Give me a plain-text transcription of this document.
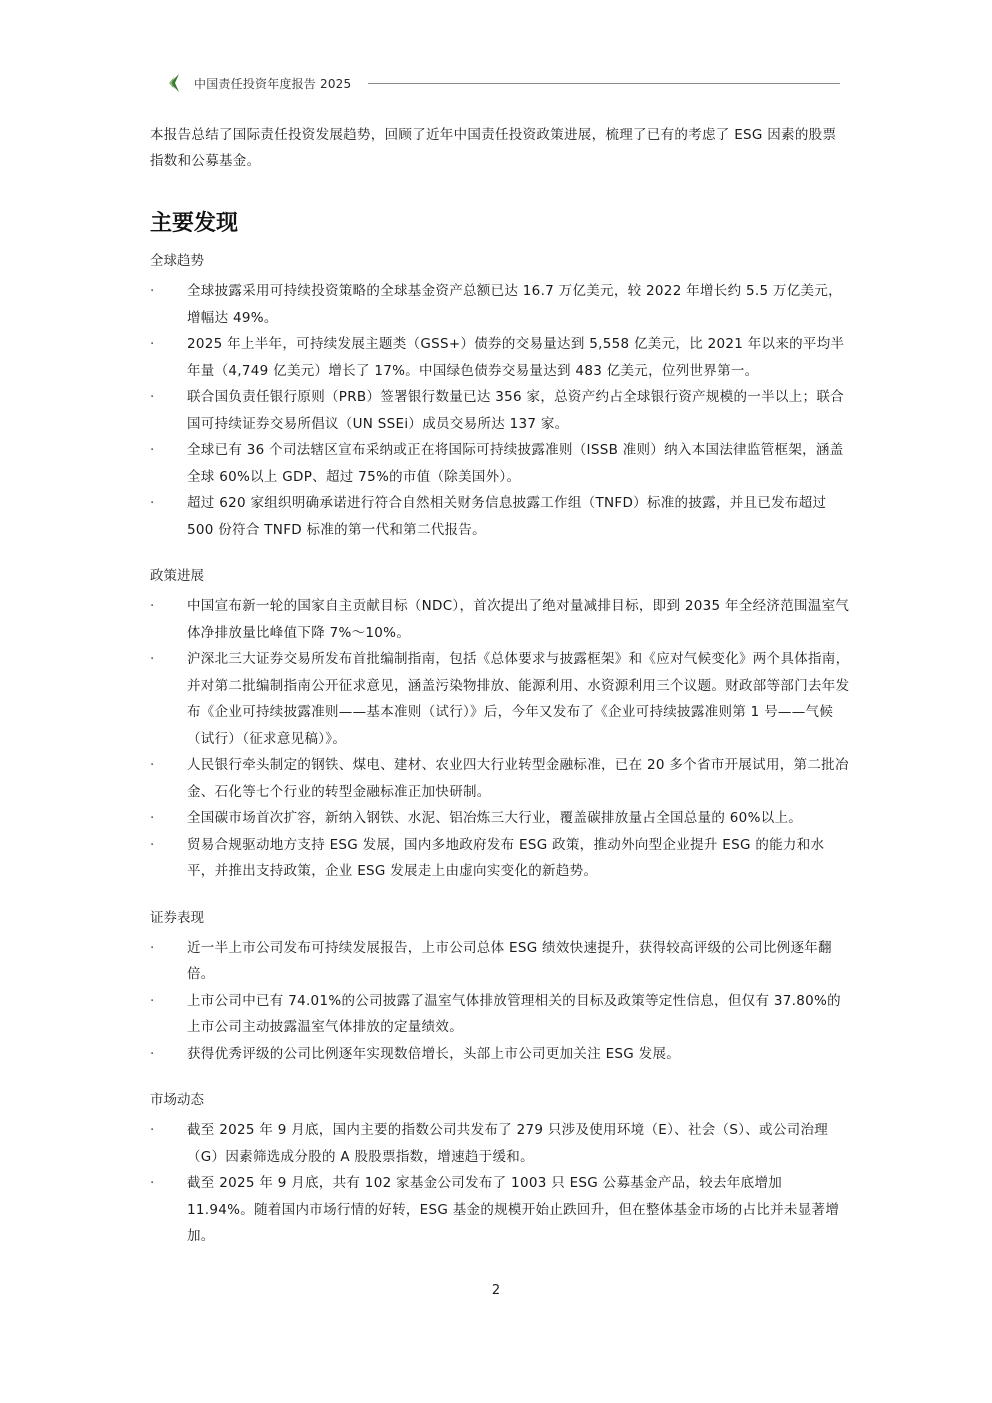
中国责任投资年度报告 2025

本报告总结了国际责任投资发展趋势，回顾了近年中国责任投资政策进展，梳理了已有的考虑了 ESG 因素的股票指数和公募基金。

主要发现
全球趋势
· 全球披露采用可持续投资策略的全球基金资产总额已达 16.7 万亿美元，较 2022 年增长约 5.5 万亿美元，增幅达 49%。
· 2025 年上半年，可持续发展主题类（GSS+）债券的交易量达到 5,558 亿美元，比 2021 年以来的平均半年量（4,749 亿美元）增长了 17%。中国绿色债券交易量达到 483 亿美元，位列世界第一。
· 联合国负责任银行原则（PRB）签署银行数量已达 356 家，总资产约占全球银行资产规模的一半以上；联合国可持续证券交易所倡议（UN SSEi）成员交易所达 137 家。
· 全球已有 36 个司法辖区宣布采纳或正在将国际可持续披露准则（ISSB 准则）纳入本国法律监管框架，涵盖全球 60%以上 GDP、超过 75%的市值（除美国外）。
· 超过 620 家组织明确承诺进行符合自然相关财务信息披露工作组（TNFD）标准的披露，并且已发布超过 500 份符合 TNFD 标准的第一代和第二代报告。
政策进展
· 中国宣布新一轮的国家自主贡献目标（NDC），首次提出了绝对量减排目标，即到 2035 年全经济范围温室气体净排放量比峰值下降 7%～10%。
· 沪深北三大证券交易所发布首批编制指南，包括《总体要求与披露框架》和《应对气候变化》两个具体指南，并对第二批编制指南公开征求意见，涵盖污染物排放、能源利用、水资源利用三个议题。财政部等部门去年发布《企业可持续披露准则——基本准则（试行）》后，今年又发布了《企业可持续披露准则第 1 号——气候（试行）（征求意见稿）》。
· 人民银行牵头制定的钢铁、煤电、建材、农业四大行业转型金融标准，已在 20 多个省市开展试用，第二批冶金、石化等七个行业的转型金融标准正加快研制。
· 全国碳市场首次扩容，新纳入钢铁、水泥、铝冶炼三大行业，覆盖碳排放量占全国总量的 60%以上。
· 贸易合规驱动地方支持 ESG 发展，国内多地政府发布 ESG 政策，推动外向型企业提升 ESG 的能力和水平，并推出支持政策，企业 ESG 发展走上由虚向实变化的新趋势。
证券表现
· 近一半上市公司发布可持续发展报告，上市公司总体 ESG 绩效快速提升，获得较高评级的公司比例逐年翻倍。
· 上市公司中已有 74.01%的公司披露了温室气体排放管理相关的目标及政策等定性信息，但仅有 37.80%的上市公司主动披露温室气体排放的定量绩效。
· 获得优秀评级的公司比例逐年实现数倍增长，头部上市公司更加关注 ESG 发展。
市场动态
· 截至 2025 年 9 月底，国内主要的指数公司共发布了 279 只涉及使用环境（E）、社会（S）、或公司治理（G）因素筛选成分股的 A 股股票指数，增速趋于缓和。
· 截至 2025 年 9 月底，共有 102 家基金公司发布了 1003 只 ESG 公募基金产品，较去年底增加 11.94%。随着国内市场行情的好转，ESG 基金的规模开始止跌回升，但在整体基金市场的占比并未显著增加。
2
